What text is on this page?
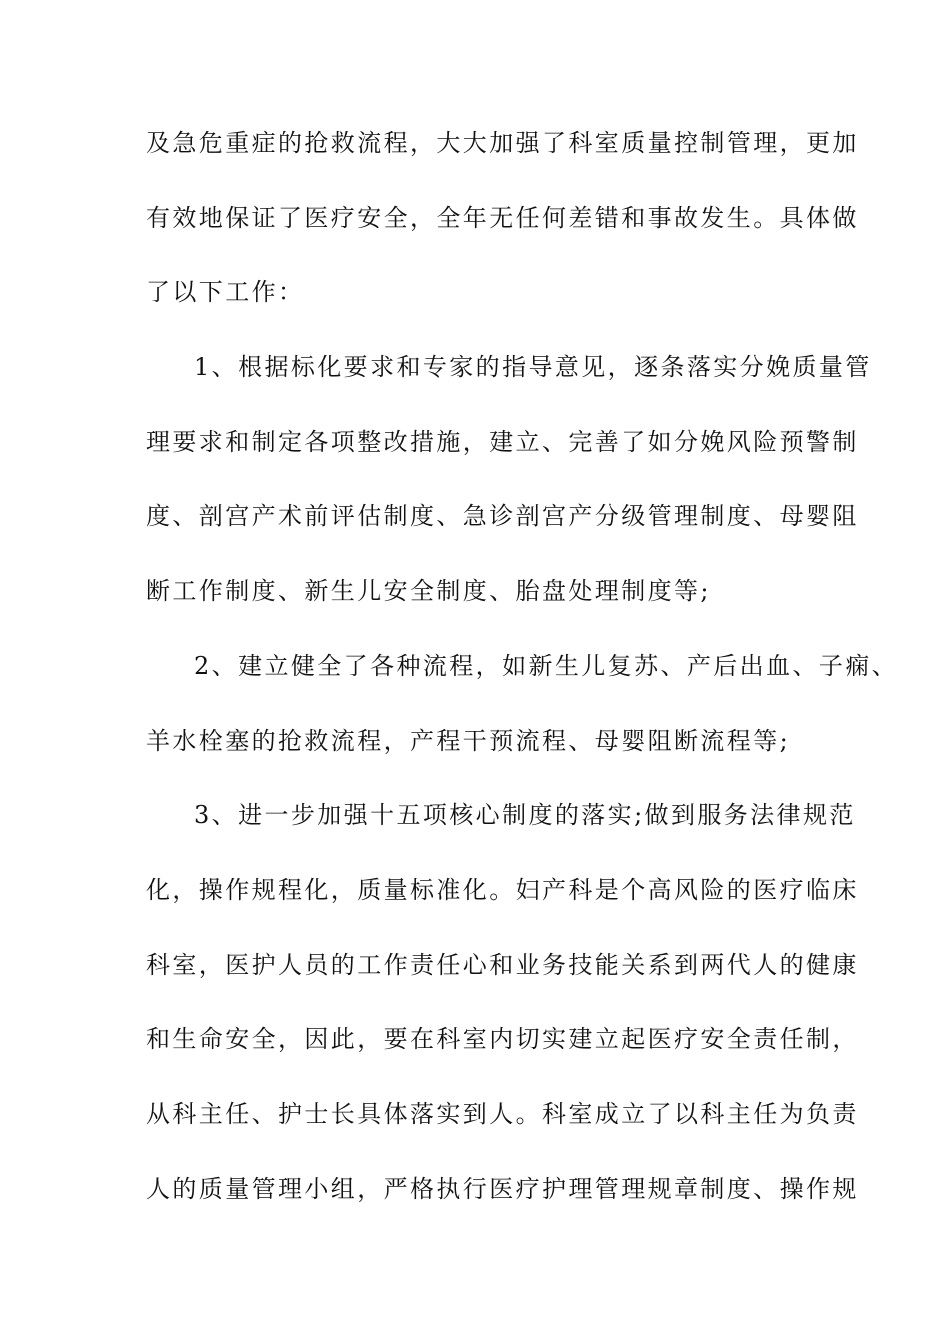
及急危重症的抢救流程，大大加强了科室质量控制管理，更加
有效地保证了医疗安全，全年无任何差错和事故发生。具体做
了以下工作：
1、根据标化要求和专家的指导意见，逐条落实分娩质量管
理要求和制定各项整改措施，建立、完善了如分娩风险预警制
度、剖宫产术前评估制度、急诊剖宫产分级管理制度、母婴阻
断工作制度、新生儿安全制度、胎盘处理制度等;
2、建立健全了各种流程，如新生儿复苏、产后出血、子痫、
羊水栓塞的抢救流程，产程干预流程、母婴阻断流程等;
3、进一步加强十五项核心制度的落实;做到服务法律规范
化，操作规程化，质量标准化。妇产科是个高风险的医疗临床
科室，医护人员的工作责任心和业务技能关系到两代人的健康
和生命安全，因此，要在科室内切实建立起医疗安全责任制，
从科主任、护士长具体落实到人。科室成立了以科主任为负责
人的质量管理小组，严格执行医疗护理管理规章制度、操作规
